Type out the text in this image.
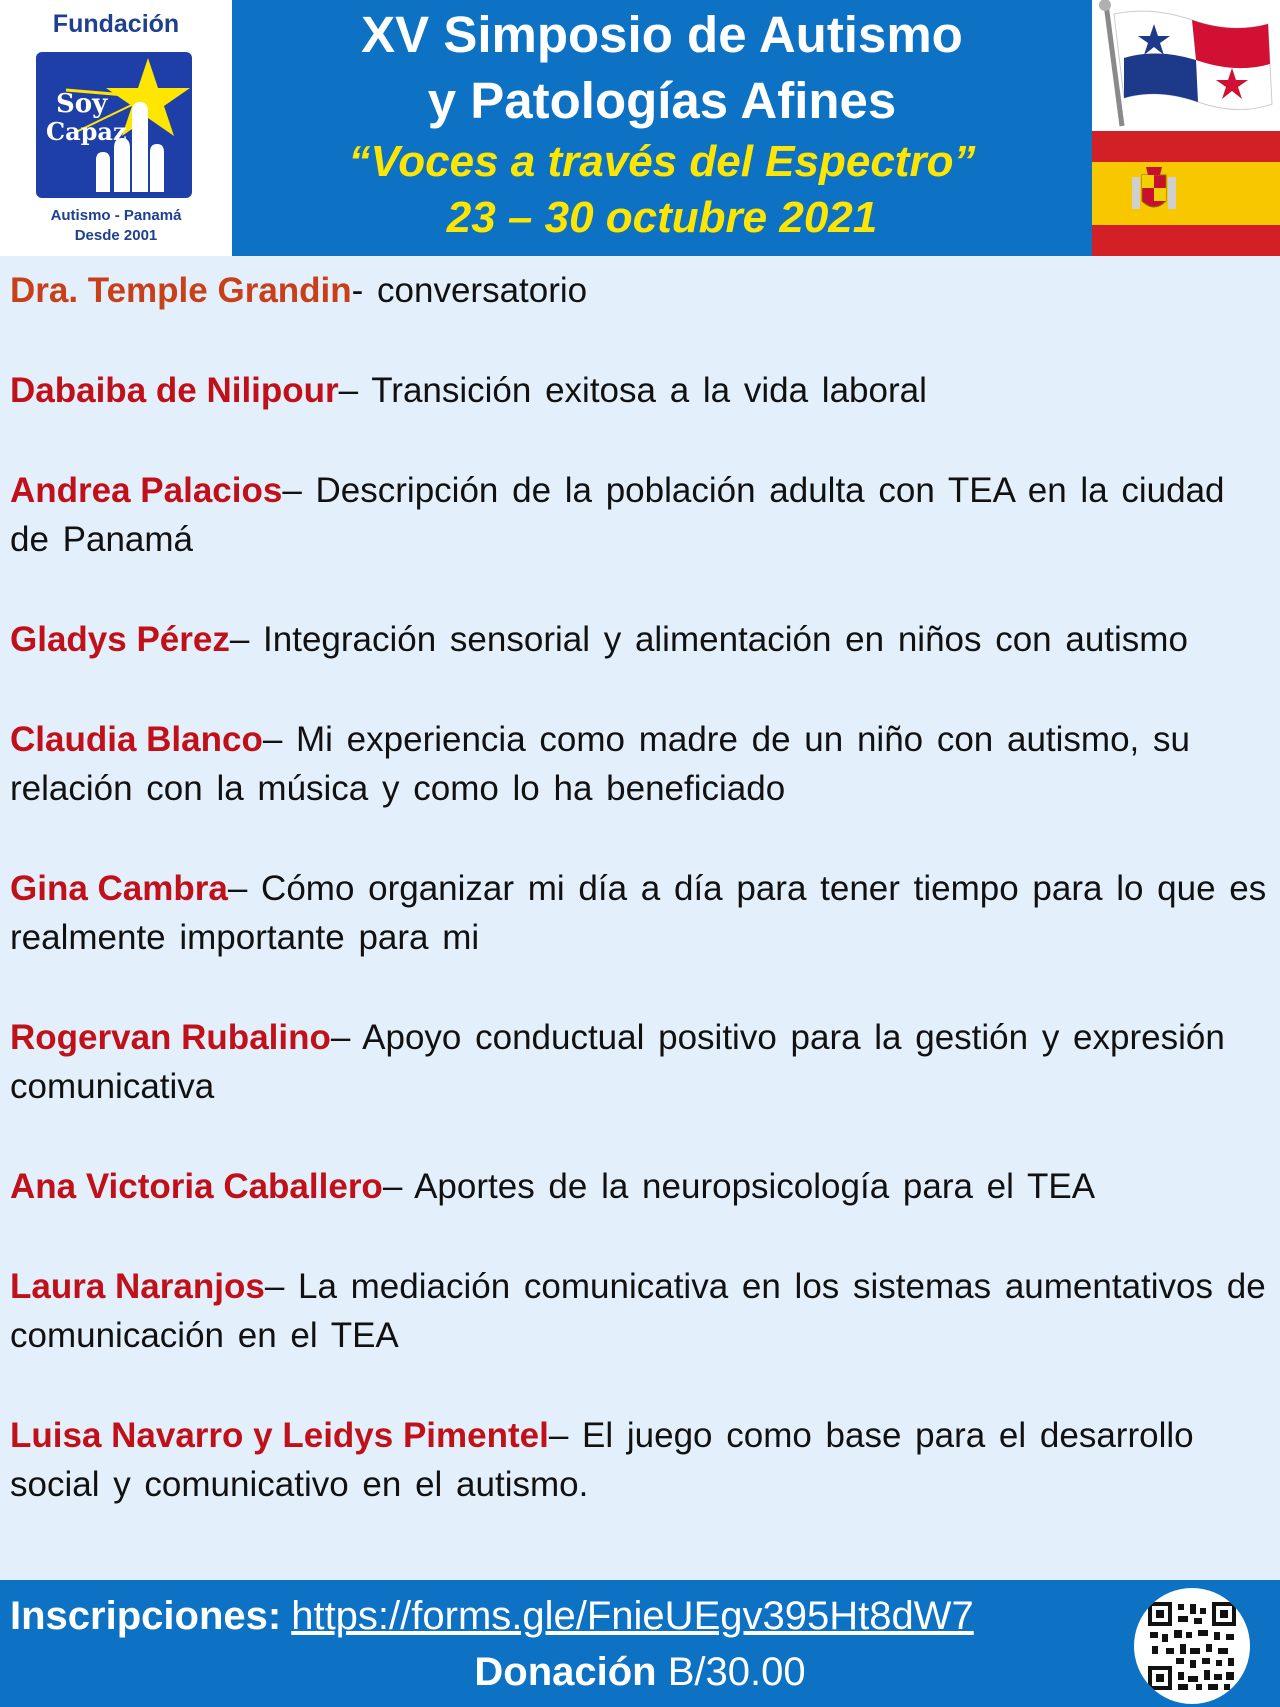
Fundación
Soy
Capaz
Autismo - Panamá
Desde 2001
XV Simposio de Autismo
y Patologías Afines
“Voces a través del Espectro”
23 – 30 octubre 2021
Dra. Temple Grandin- conversatorio
Dabaiba de Nilipour– Transición exitosa a la vida laboral
Andrea Palacios– Descripción de la población adulta con TEA en la ciudad de Panamá
Gladys Pérez– Integración sensorial y alimentación en niños con autismo
Claudia Blanco– Mi experiencia como madre de un niño con autismo, su relación con la música y como lo ha beneficiado
Gina Cambra– Cómo organizar mi día a día para tener tiempo para lo que es realmente importante para mi
Rogervan Rubalino– Apoyo conductual positivo para la gestión y expresión comunicativa
Ana Victoria Caballero– Aportes de la neuropsicología para el TEA
Laura Naranjos– La mediación comunicativa en los sistemas aumentativos de comunicación en el TEA
Luisa Navarro y Leidys Pimentel– El juego como base para el desarrollo social y comunicativo en el autismo.
Inscripciones: https://forms.gle/FnieUEgv395Ht8dW7
Donación B/30.00
